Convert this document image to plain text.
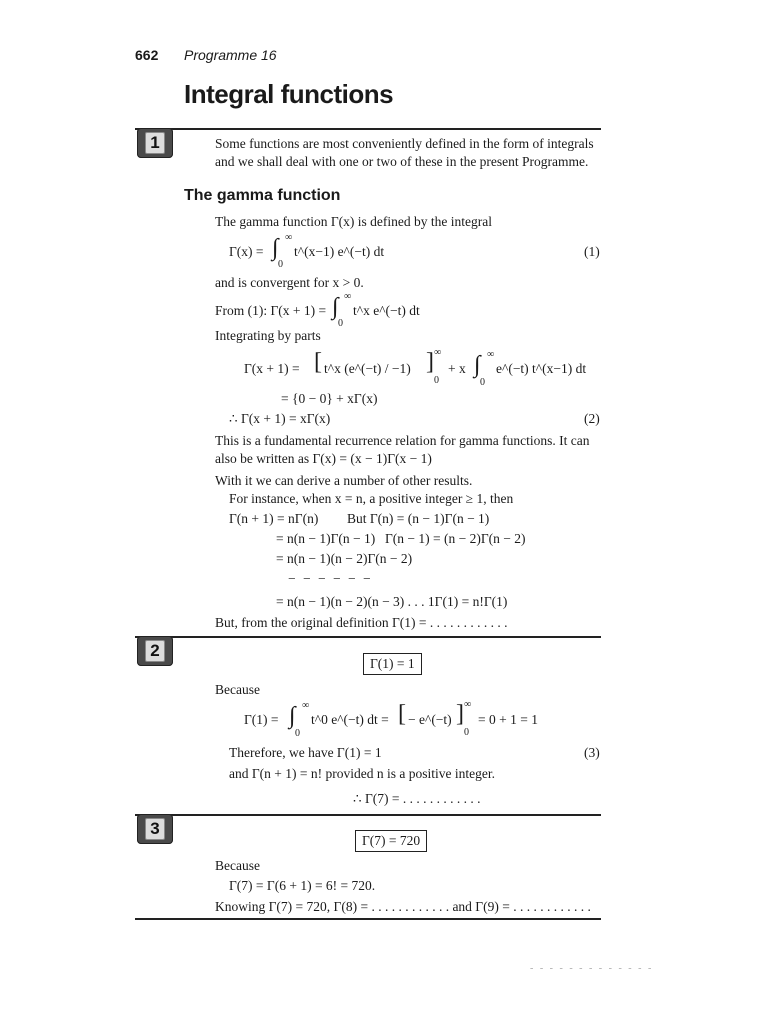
662 Programme 16
Integral functions
1	Some functions are most conveniently defined in the form of integrals
and we shall deal with one or two of these in the present Programme.
The gamma function
The gamma function Γ(x) is defined by the integral
Γ(x) = ∫ ∞
0
t^(x−1) e^(−t) dt	(1)
and is convergent for x > 0.
From (1): Γ(x + 1) = ∫ ∞
0
t^x e^(−t) dt
Integrating by parts
Γ(x + 1) = [ t^x (e^(−t) / −1) ] ∞
0
+ x ∫ ∞
0
e^(−t) t^(x−1) dt
= {0 − 0} + xΓ(x)
∴ Γ(x + 1) = xΓ(x)	(2)
This is a fundamental recurrence relation for gamma functions. It can
also be written as Γ(x) = (x − 1)Γ(x − 1)
With it we can derive a number of other results.
For instance, when x = n, a positive integer ≥ 1, then
Γ(n + 1) = nΓ(n) But Γ(n) = (n − 1)Γ(n − 1)
= n(n − 1)Γ(n − 1) Γ(n − 1) = (n − 2)Γ(n − 2)
= n(n − 1)(n − 2)Γ(n − 2)
− − − − − −
= n(n − 1)(n − 2)(n − 3) . . . 1Γ(1) = n!Γ(1)
But, from the original definition Γ(1) = . . . . . . . . . . . .
2
Γ(1) = 1
Because
Γ(1) = ∫ ∞
0
t^0 e^(−t) dt = [ − e^(−t) ] ∞
0
= 0 + 1 = 1
Therefore, we have Γ(1) = 1	(3)
and Γ(n + 1) = n! provided n is a positive integer.
∴ Γ(7) = . . . . . . . . . . . .
3
Γ(7) = 720
Because
Γ(7) = Γ(6 + 1) = 6! = 720.
Knowing Γ(7) = 720, Γ(8) = . . . . . . . . . . . . and Γ(9) = . . . . . . . . . . . .
- - - - - - - - - - - - -
